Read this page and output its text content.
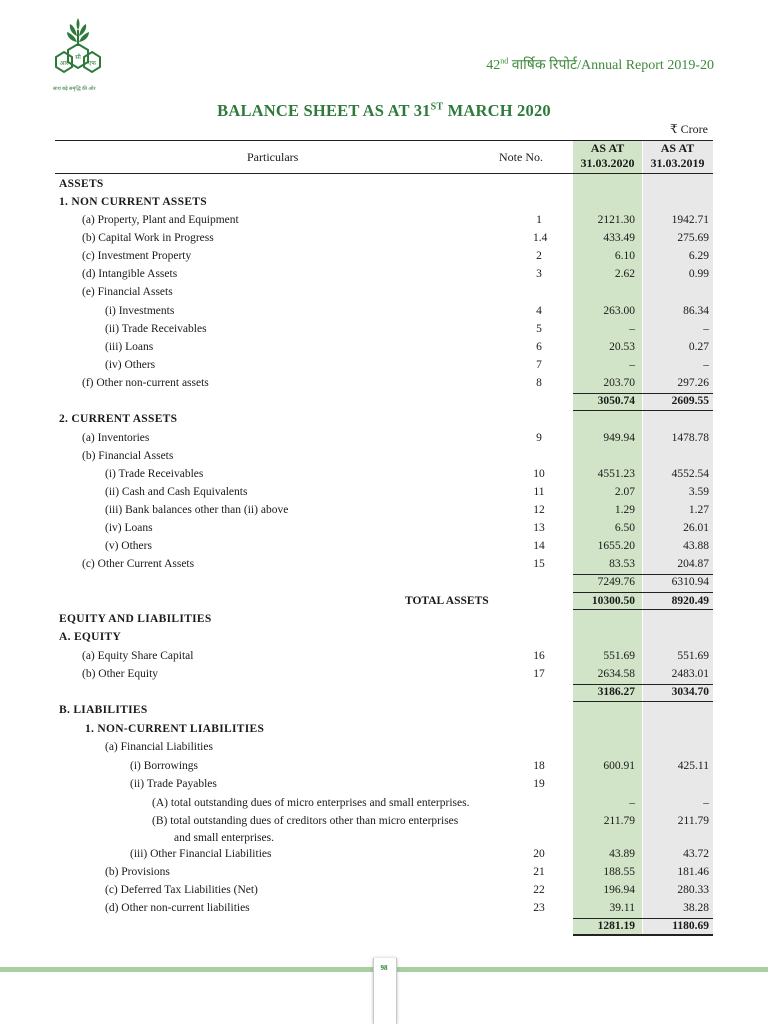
आर
सी
एफ
साथ बढ़े समृद्धि की ओर
42nd वार्षिक रिपोर्ट/Annual Report 2019-20
BALANCE SHEET AS AT 31ST MARCH 2020
₹ Crore
Particulars	Note No.
AS AT
31.03.2020
AS AT
31.03.2019
ASSETS
1. NON CURRENT ASSETS
(a) Property, Plant and Equipment	1	2121.30	1942.71
(b) Capital Work in Progress	1.4	433.49	275.69
(c) Investment Property	2	6.10	6.29
(d) Intangible Assets	3	2.62	0.99
(e) Financial Assets
(i) Investments	4	263.00	86.34
(ii) Trade Receivables	5	–	–
(iii) Loans	6	20.53	0.27
(iv) Others	7	–	–
(f) Other non-current assets	8	203.70	297.26
3050.74	2609.55
2. CURRENT ASSETS
(a) Inventories	9	949.94	1478.78
(b) Financial Assets
(i) Trade Receivables	10	4551.23	4552.54
(ii) Cash and Cash Equivalents	11	2.07	3.59
(iii) Bank balances other than (ii) above	12	1.29	1.27
(iv) Loans	13	6.50	26.01
(v) Others	14	1655.20	43.88
(c) Other Current Assets	15	83.53	204.87
7249.76	6310.94
TOTAL ASSETS	10300.50	8920.49
EQUITY AND LIABILITIES
A. EQUITY
(a) Equity Share Capital	16	551.69	551.69
(b) Other Equity	17	2634.58	2483.01
3186.27	3034.70
B. LIABILITIES
1. NON-CURRENT LIABILITIES
(a) Financial Liabilities
(i) Borrowings	18	600.91	425.11
(ii) Trade Payables	19
(A) total outstanding dues of micro enterprises and small enterprises.	–	–
(B) total outstanding dues of creditors other than micro enterprises	211.79	211.79
and small enterprises.
(iii) Other Financial Liabilities	20	43.89	43.72
(b) Provisions	21	188.55	181.46
(c) Deferred Tax Liabilities (Net)	22	196.94	280.33
(d) Other non-current liabilities	23	39.11	38.28
1281.19	1180.69
98
